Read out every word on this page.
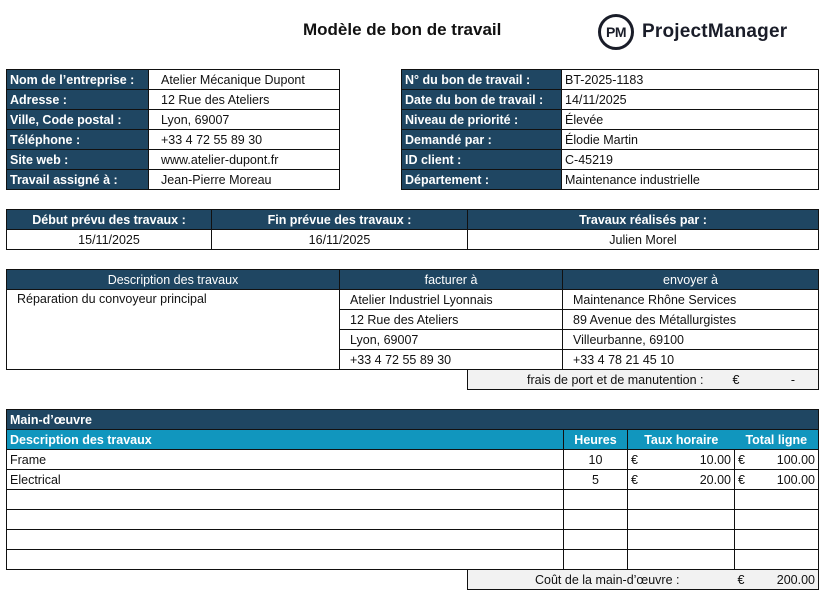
Modèle de bon de travail	PM ProjectManager
Nom de l’entreprise :	Atelier Mécanique Dupont
Adresse :	12 Rue des Ateliers
Ville, Code postal :	Lyon, 69007
Téléphone :	+33 4 72 55 89 30
Site web :	www.atelier-dupont.fr
Travail assigné à :	Jean-Pierre Moreau
N° du bon de travail :	BT-2025-1183
Date du bon de travail :	14/11/2025
Niveau de priorité :	Élevée
Demandé par :	Élodie Martin
ID client :	C-45219
Département :	Maintenance industrielle
Début prévu des travaux :	Fin prévue des travaux :	Travaux réalisés par :
15/11/2025	16/11/2025	Julien Morel
Description des travaux	facturer à	envoyer à
Réparation du convoyeur principal	Atelier Industriel Lyonnais	Maintenance Rhône Services
	12 Rue des Ateliers	89 Avenue des Métallurgistes
	Lyon, 69007	Villeurbanne, 69100
	+33 4 72 55 89 30	+33 4 78 21 45 10
frais de port et de manutention :	€	-
Main-d’œuvre			
Description des travaux	Heures	Taux horaire	Total ligne
Frame	10	€ 10.00	€ 100.00

Electrical	5	€ 20.00	€ 100.00

Coût de la main-d’œuvre :	€	200.00
